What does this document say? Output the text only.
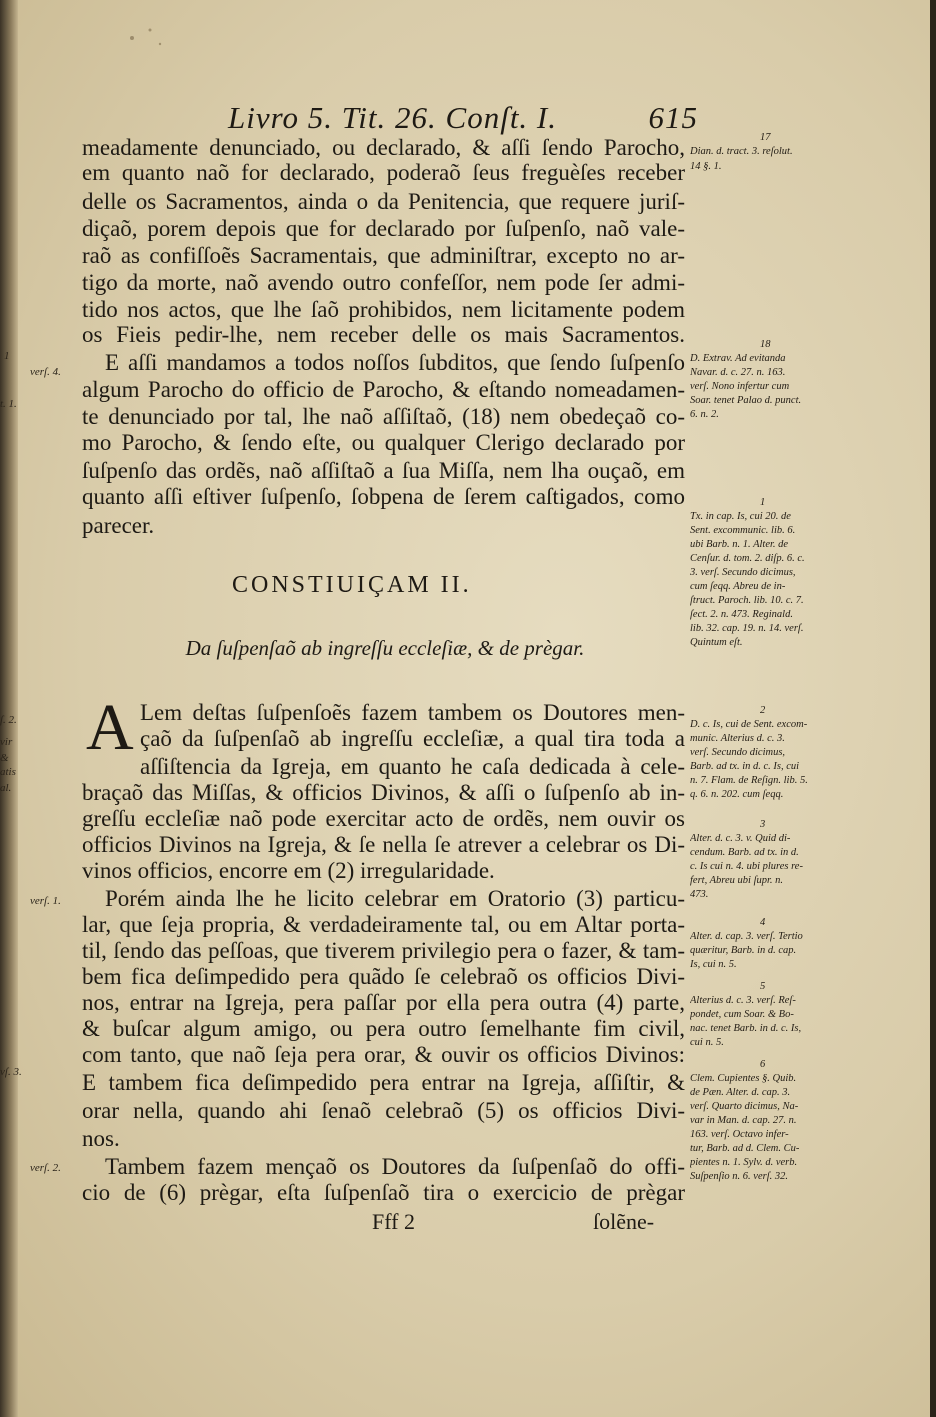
Livro 5. Tit. 26. Conſt. I.	615
meadamente denunciado, ou declarado, & aſſi ſendo Parocho,
em quanto naõ for declarado, poderaõ ſeus freguèſes receber
delle os Sacramentos, ainda o da Penitencia, que requere juriſ-
diçaõ, porem depois que for declarado por ſuſpenſo, naõ vale-
raõ as confiſſoẽs Sacramentais, que adminiſtrar, excepto no ar-
tigo da morte, naõ avendo outro confeſſor, nem pode ſer admi-
tido nos actos, que lhe ſaõ prohibidos, nem licitamente podem
os Fieis pedir-lhe, nem receber delle os mais Sacramentos.
E aſſi mandamos a todos noſſos ſubditos, que ſendo ſuſpenſo
algum Parocho do officio de Parocho, & eſtando nomeadamen-
te denunciado por tal, lhe naõ aſſiſtaõ, (18) nem obedeçaõ co-
mo Parocho, & ſendo eſte, ou qualquer Clerigo declarado por
ſuſpenſo das ordẽs, naõ aſſiſtaõ a ſua Miſſa, nem lha ouçaõ, em
quanto aſſi eſtiver ſuſpenſo, ſobpena de ſerem caſtigados, como
parecer.
CONSTIUIÇAM II.
Da ſuſpenſaõ ab ingreſſu eccleſiæ, & de prègar.
A Lem deſtas ſuſpenſoẽs fazem tambem os Doutores men-
çaõ da ſuſpenſaõ ab ingreſſu eccleſiæ, a qual tira toda a
aſſiſtencia da Igreja, em quanto he caſa dedicada à cele-
braçaõ das Miſſas, & officios Divinos, & aſſi o ſuſpenſo ab in-
greſſu eccleſiæ naõ pode exercitar acto de ordẽs, nem ouvir os
officios Divinos na Igreja, & ſe nella ſe atrever a celebrar os Di-
vinos officios, encorre em (2) irregularidade.
Porém ainda lhe he licito celebrar em Oratorio (3) particu-
lar, que ſeja propria, & verdadeiramente tal, ou em Altar porta-
til, ſendo das peſſoas, que tiverem privilegio pera o fazer, & tam-
bem fica deſimpedido pera quãdo ſe celebraõ os officios Divi-
nos, entrar na Igreja, pera paſſar por ella pera outra (4) parte,
& buſcar algum amigo, ou pera outro ſemelhante fim civil,
com tanto, que naõ ſeja pera orar, & ouvir os officios Divinos:
E tambem fica deſimpedido pera entrar na Igreja, aſſiſtir, &
orar nella, quando ahi ſenaõ celebraõ (5) os officios Divi-
nos.
Tambem fazem mençaõ os Doutores da ſuſpenſaõ do offi-
cio de (6) prègar, eſta ſuſpenſaõ tira o exercicio de prègar
17
Dian. d. tract. 3. reſolut.
14 §. 1.
18
D. Extrav. Ad evitanda
Navar. d. c. 27. n. 163.
verſ. Nono infertur cum
Soar. tenet Palao d. punct.
6. n. 2.
1
Tx. in cap. Is, cui 20. de
Sent. excommunic. lib. 6.
ubi Barb. n. 1. Alter. de
Cenſur. d. tom. 2. diſp. 6. c.
3. verſ. Secundo dicimus,
cum ſeqq. Abreu de in-
ſtruct. Paroch. lib. 10. c. 7.
ſect. 2. n. 473. Reginald.
lib. 32. cap. 19. n. 14. verſ.
Quintum eſt.
2
D. c. Is, cui de Sent. excom-
munic. Alterius d. c. 3.
verſ. Secundo dicimus,
Barb. ad tx. in d. c. Is, cui
n. 7. Flam. de Reſign. lib. 5.
q. 6. n. 202. cum ſeqq.
3
Alter. d. c. 3. v. Quid di-
cendum. Barb. ad tx. in d.
c. Is cui n. 4. ubi plures re-
fert, Abreu ubi ſupr. n.
473.
4
Alter. d. cap. 3. verſ. Tertio
quæritur, Barb. in d. cap.
Is, cui n. 5.
5
Alterius d. c. 3. verſ. Reſ-
pondet, cum Soar. & Bo-
nac. tenet Barb. in d. c. Is,
cui n. 5.
6
Clem. Cupientes §. Quib.
de Pæn. Alter. d. cap. 3.
verſ. Quarto dicimus, Na-
var in Man. d. cap. 27. n.
163. verſ. Octavo infer-
tur, Barb. ad d. Clem. Cu-
pientes n. 1. Sylv. d. verb.
Suſpenſio n. 6. verſ. 32.
verſ. 4.
verſ. 1.
verſ. 2.
ſ. 2.
vir
&
atis
al.
vſ. 3.
1
t. 1.
Fff 2	ſolẽne-
